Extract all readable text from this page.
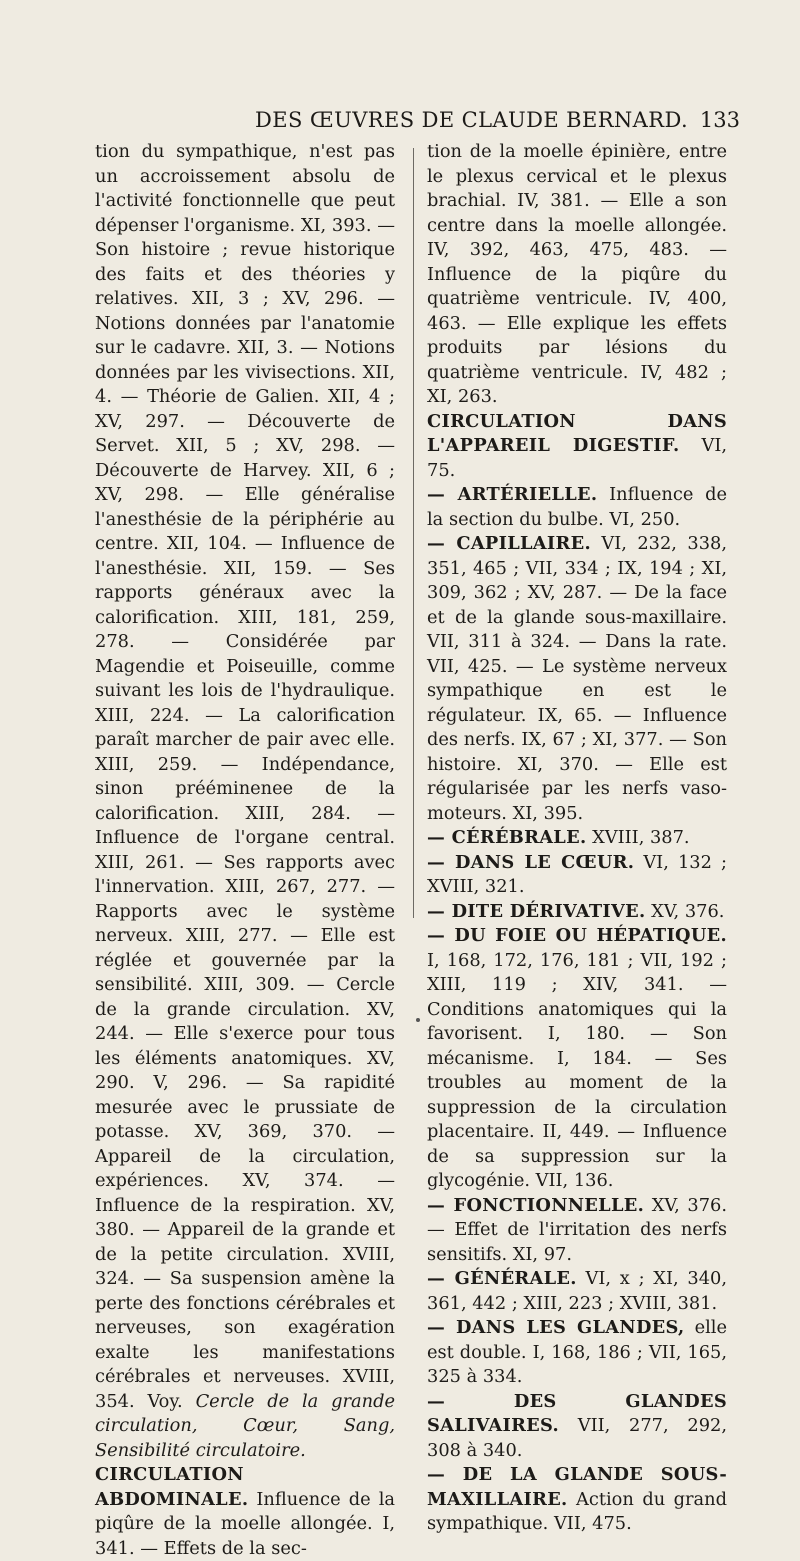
DES ŒUVRES DE CLAUDE BERNARD. 133

tion du sympathique, n'est pas un accroissement absolu de l'activité fonctionnelle que peut dépenser l'organisme. XI, 393. — Son histoire ; revue historique des faits et des théories y relatives. XII, 3 ; XV, 296. — Notions données par l'anatomie sur le cadavre. XII, 3. — Notions données par les vivisections. XII, 4. — Théorie de Galien. XII, 4 ; XV, 297. — Découverte de Servet. XII, 5 ; XV, 298. — Découverte de Harvey. XII, 6 ; XV, 298. — Elle généralise l'anesthésie de la périphérie au centre. XII, 104. — Influence de l'anesthésie. XII, 159. — Ses rapports généraux avec la calorification. XIII, 181, 259, 278. — Considérée par Magendie et Poiseuille, comme suivant les lois de l'hydraulique. XIII, 224. — La calorification paraît marcher de pair avec elle. XIII, 259. — Indépendance, sinon prééminenee de la calorification. XIII, 284. — Influence de l'organe central. XIII, 261. — Ses rapports avec l'innervation. XIII, 267, 277. — Rapports avec le système nerveux. XIII, 277. — Elle est réglée et gouvernée par la sensibilité. XIII, 309. — Cercle de la grande circulation. XV, 244. — Elle s'exerce pour tous les éléments anatomiques. XV, 290. V, 296. — Sa rapidité mesurée avec le prussiate de potasse. XV, 369, 370. — Appareil de la circulation, expériences. XV, 374. — Influence de la respiration. XV, 380. — Appareil de la grande et de la petite circulation. XVIII, 324. — Sa suspension amène la perte des fonctions cérébrales et nerveuses, son exagération exalte les manifestations cérébrales et nerveuses. XVIII, 354. Voy. Cercle de la grande circulation, Cœur, Sang, Sensibilité circulatoire.

CIRCULATION ABDOMINALE. Influence de la piqûre de la moelle allongée. I, 341. — Effets de la sec-

tion de la moelle épinière, entre le plexus cervical et le plexus brachial. IV, 381. — Elle a son centre dans la moelle allongée. IV, 392, 463, 475, 483. — Influence de la piqûre du quatrième ventricule. IV, 400, 463. — Elle explique les effets produits par lésions du quatrième ventricule. IV, 482 ; XI, 263.

CIRCULATION DANS L'APPAREIL DIGESTIF. VI, 75.

— ARTÉRIELLE. Influence de la section du bulbe. VI, 250.

— CAPILLAIRE. VI, 232, 338, 351, 465 ; VII, 334 ; IX, 194 ; XI, 309, 362 ; XV, 287. — De la face et de la glande sous-maxillaire. VII, 311 à 324. — Dans la rate. VII, 425. — Le système nerveux sympathique en est le régulateur. IX, 65. — Influence des nerfs. IX, 67 ; XI, 377. — Son histoire. XI, 370. — Elle est régularisée par les nerfs vaso-moteurs. XI, 395.

— CÉRÉBRALE. XVIII, 387.

— DANS LE CŒUR. VI, 132 ; XVIII, 321.

— DITE DÉRIVATIVE. XV, 376.

— DU FOIE OU HÉPATIQUE. I, 168, 172, 176, 181 ; VII, 192 ; XIII, 119 ; XIV, 341. — Conditions anatomiques qui la favorisent. I, 180. — Son mécanisme. I, 184. — Ses troubles au moment de la suppression de la circulation placentaire. II, 449. — Influence de sa suppression sur la glycogénie. VII, 136.

— FONCTIONNELLE. XV, 376. — Effet de l'irritation des nerfs sensitifs. XI, 97.

— GÉNÉRALE. VI, x ; XI, 340, 361, 442 ; XIII, 223 ; XVIII, 381.

— DANS LES GLANDES, elle est double. I, 168, 186 ; VII, 165, 325 à 334.

— DES GLANDES SALIVAIRES. VII, 277, 292, 308 à 340.

— DE LA GLANDE SOUS-MAXILLAIRE. Action du grand sympathique. VII, 475.
